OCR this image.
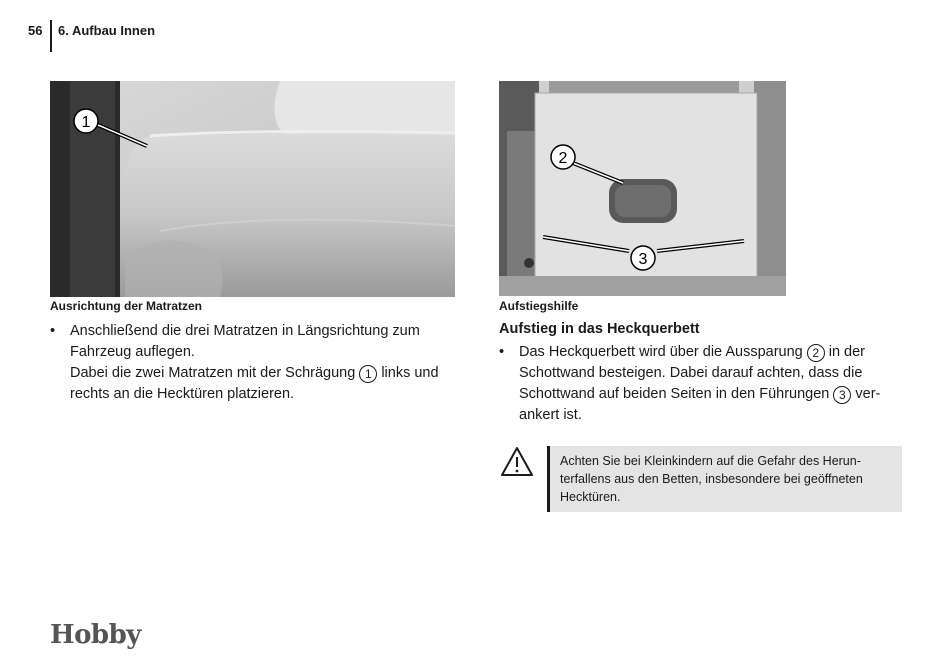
56 6. Aufbau Innen
1
Ausrichtung der Matratzen
2
3
Aufstiegshilfe
•	Anschließend die drei Matratzen in Längsrichtung zum
Fahrzeug auflegen.
Dabei die zwei Matratzen mit der Schrägung 1 links und
rechts an die Hecktüren platzieren.
Aufstieg in das Heckquerbett
•	Das Heckquerbett wird über die Aussparung 2 in der
Schottwand besteigen. Dabei darauf achten, dass die
Schottwand auf beiden Seiten in den Führungen 3 ver-
ankert ist.
Achten Sie bei Kleinkindern auf die Gefahr des Herun-
terfallens aus den Betten, insbesondere bei geöffneten
Hecktüren.
Hobby
